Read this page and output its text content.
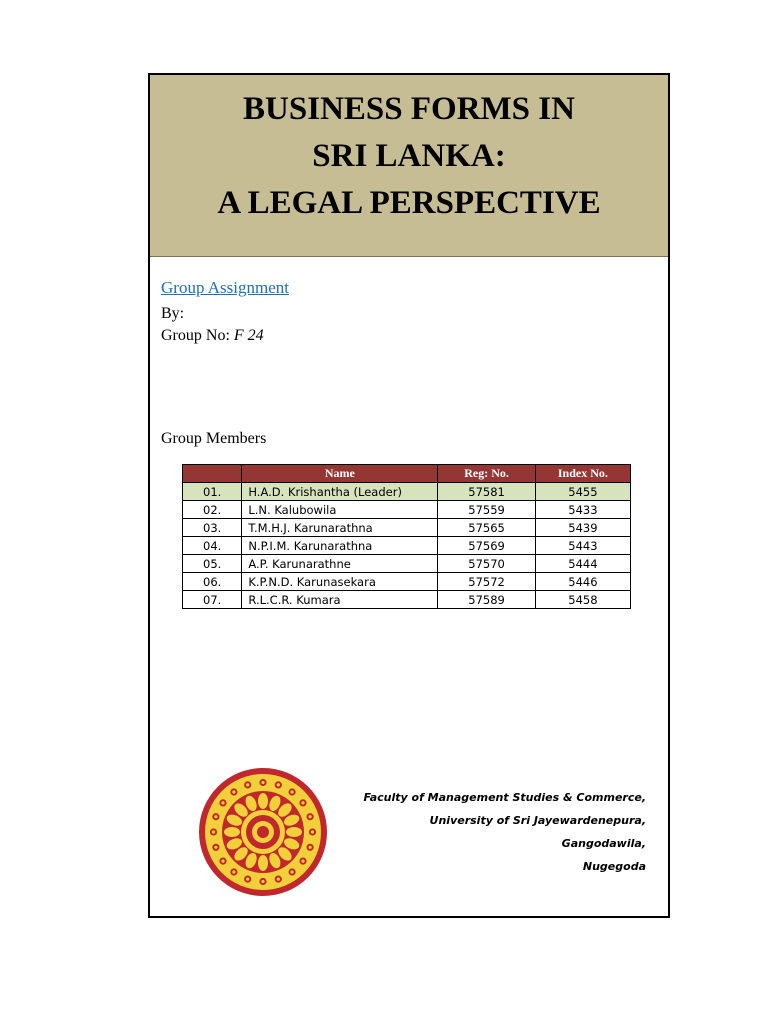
BUSINESS FORMS IN
SRI LANKA:
A LEGAL PERSPECTIVE
Group Assignment
By:
Group No: F 24
Group Members
	Name	Reg: No.	Index No.
01.	H.A.D. Krishantha (Leader)	57581	5455
02.	L.N. Kalubowila	57559	5433
03.	T.M.H.J. Karunarathna	57565	5439
04.	N.P.I.M. Karunarathna	57569	5443
05.	A.P. Karunarathne	57570	5444
06.	K.P.N.D. Karunasekara	57572	5446
07.	R.L.C.R. Kumara	57589	5458
Faculty of Management Studies & Commerce,
University of Sri Jayewardenepura,
Gangodawila,
Nugegoda
